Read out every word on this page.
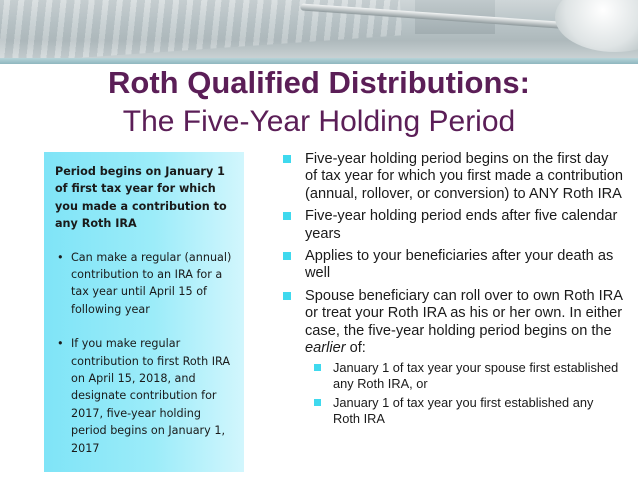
Roth Qualified Distributions:
The Five-Year Holding Period

Period begins on January 1 of first tax year for which you made a contribution to any Roth IRA

• Can make a regular (annual) contribution to an IRA for a tax year until April 15 of following year
• If you make regular contribution to first Roth IRA on April 15, 2018, and designate contribution for 2017, five-year holding period begins on January 1, 2017
Five-year holding period begins on the first day of tax year for which you first made a contribution (annual, rollover, or conversion) to ANY Roth IRA
Five-year holding period ends after five calendar years
Applies to your beneficiaries after your death as well
Spouse beneficiary can roll over to own Roth IRA or treat your Roth IRA as his or her own. In either case, the five-year holding period begins on the earlier of:
January 1 of tax year your spouse first established any Roth IRA, or
January 1 of tax year you first established any Roth IRA
